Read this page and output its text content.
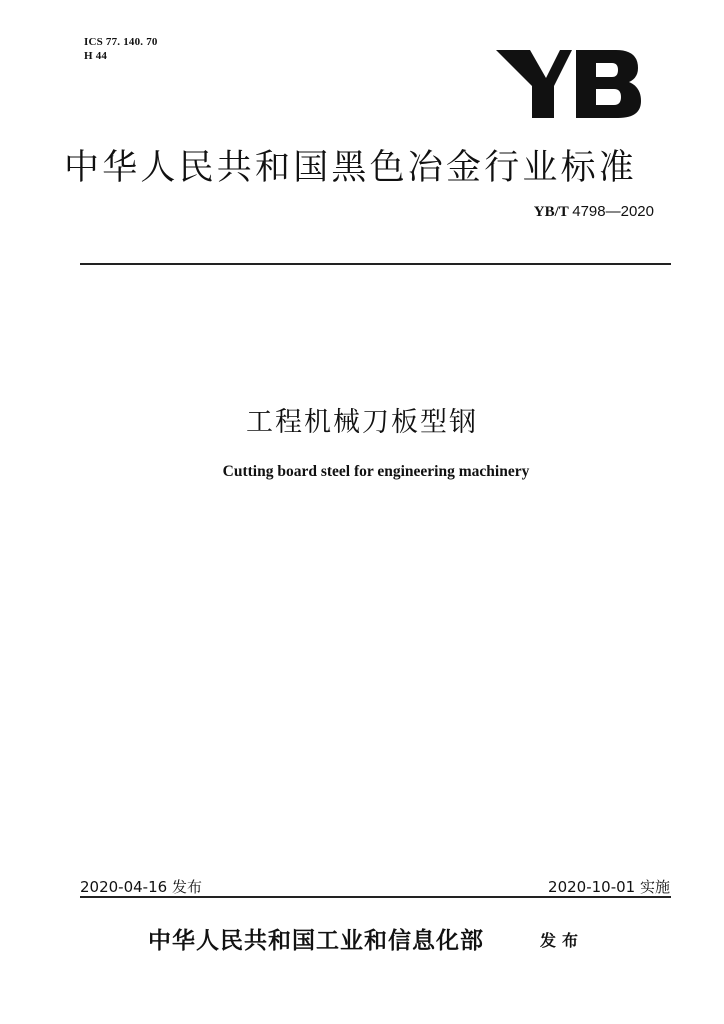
ICS 77. 140. 70
H 44
中华人民共和国黑色冶金行业标准
YB/T 4798—2020
工程机械刀板型钢
Cutting board steel for engineering machinery
2020-04-16 发布	2020-10-01 实施
中华人民共和国工业和信息化部	发布
